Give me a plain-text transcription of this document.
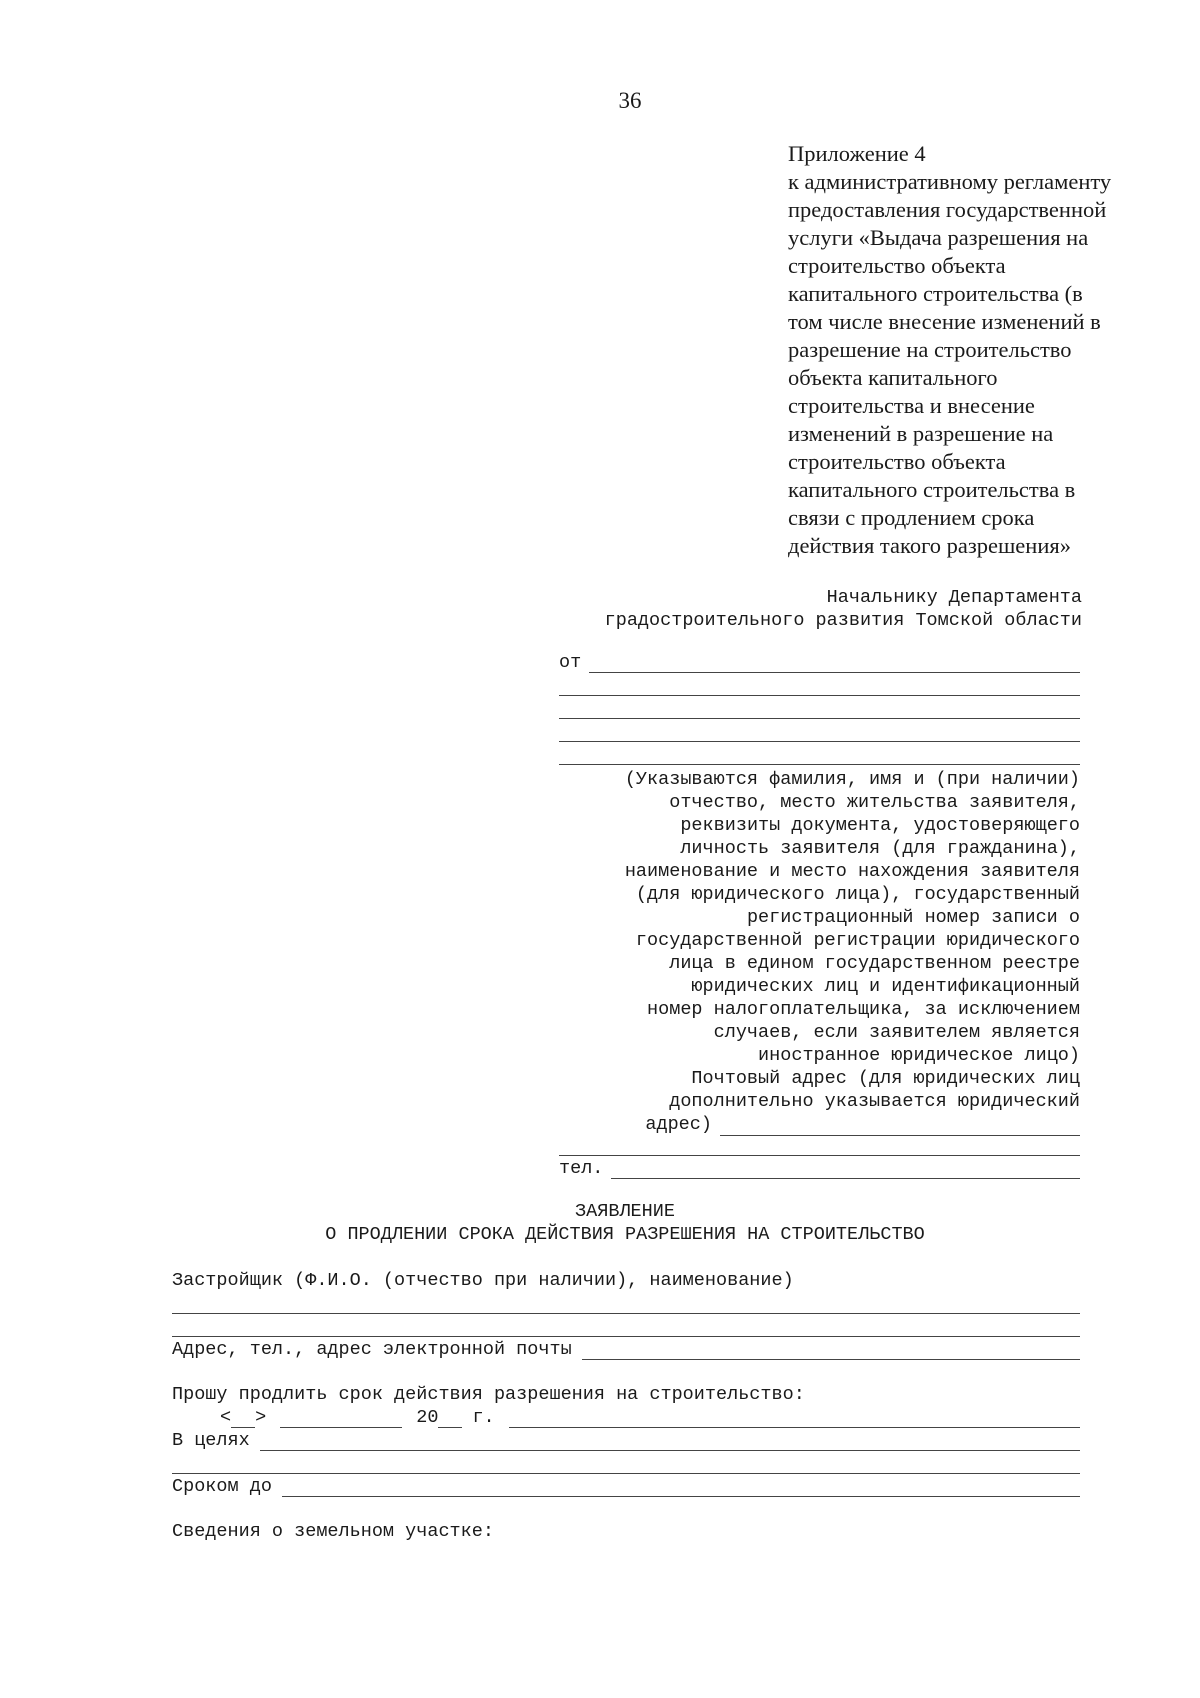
36
Приложение 4
к административному регламенту
предоставления государственной
услуги «Выдача разрешения на
строительство объекта
капитального строительства (в
том числе внесение изменений в
разрешение на строительство
объекта капитального
строительства и внесение
изменений в разрешение на
строительство объекта
капитального строительства в
связи с продлением срока
действия такого разрешения»
Начальнику Департамента
градостроительного развития Томской области
от
(Указываются фамилия, имя и (при наличии)
отчество, место жительства заявителя,
реквизиты документа, удостоверяющего
личность заявителя (для гражданина),
наименование и место нахождения заявителя
(для юридического лица), государственный
регистрационный номер записи о
государственной регистрации юридического
лица в едином государственном реестре
юридических лиц и идентификационный
номер налогоплательщика, за исключением
случаев, если заявителем является
иностранное юридическое лицо)
Почтовый адрес (для юридических лиц
дополнительно указывается юридический
адрес)
тел.
ЗАЯВЛЕНИЕ
О ПРОДЛЕНИИ СРОКА ДЕЙСТВИЯ РАЗРЕШЕНИЯ НА СТРОИТЕЛЬСТВО
Застройщик (Ф.И.О. (отчество при наличии), наименование)
Адрес, тел., адрес электронной почты
Прошу продлить срок действия разрешения на строительство:
< >	20 г.
В целях
Сроком до
Сведения о земельном участке:
